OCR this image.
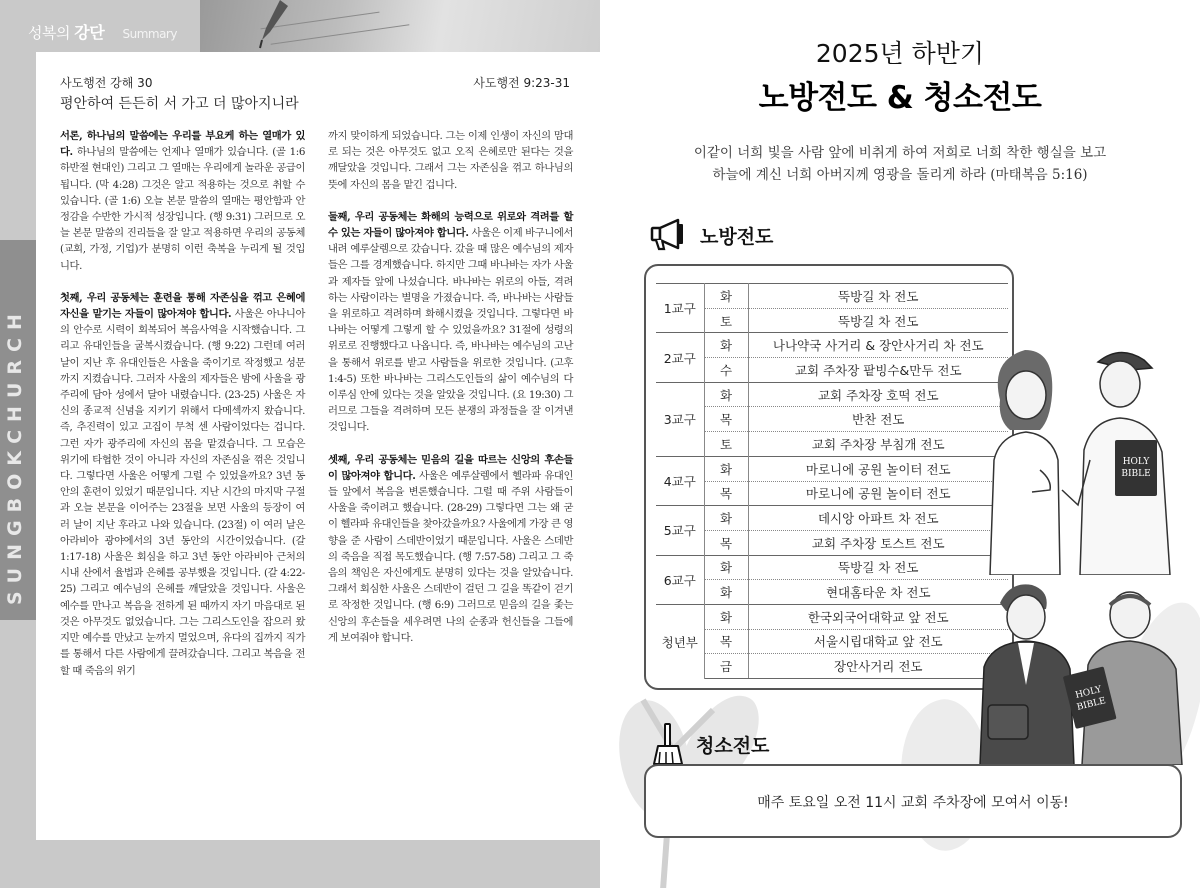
성복의 강단 Summary
SUNGBOKCHURCH
사도행전 강해 30
평안하여 든든히 서 가고 더 많아지니라
사도행전 9:23-31

서론, 하나님의 말씀에는 우리를 부요케 하는 열매가 있다. 하나님의 말씀에는 언제나 열매가 있습니다. (골 1:6 하반절 현대인) 그리고 그 열매는 우리에게 놀라운 공급이 됩니다. (막 4:28) 그것은 알고 적용하는 것으로 취할 수 있습니다. (골 1:6) 오늘 본문 말씀의 열매는 평안함과 안정감을 수반한 가시적 성장입니다. (행 9:31) 그러므로 오늘 본문 말씀의 진리들을 잘 알고 적용하면 우리의 공동체(교회, 가정, 기업)가 분명히 이런 축복을 누리게 될 것입니다.

첫째, 우리 공동체는 훈련을 통해 자존심을 꺾고 은혜에 자신을 맡기는 자들이 많아져야 합니다. 사울은 아나니아의 안수로 시력이 회복되어 복음사역을 시작했습니다. 그리고 유대인들을 굴복시켰습니다. (행 9:22) 그런데 여러 날이 지난 후 유대인들은 사울을 죽이기로 작정했고 성문까지 지켰습니다. 그러자 사울의 제자들은 밤에 사울을 광주리에 담아 성에서 달아 내렸습니다. (23-25) 사울은 자신의 종교적 신념을 지키기 위해서 다메섹까지 왔습니다. 즉, 추진력이 있고 고집이 무척 센 사람이었다는 겁니다. 그런 자가 광주리에 자신의 몸을 맡겼습니다. 그 모습은 위기에 타협한 것이 아니라 자신의 자존심을 꺾은 것입니다. 그렇다면 사울은 어떻게 그럴 수 있었을까요? 3년 동안의 훈련이 있었기 때문입니다. 지난 시간의 마지막 구절과 오늘 본문을 이어주는 23절을 보면 사울의 등장이 여러 날이 지난 후라고 나와 있습니다. (23절) 이 여러 날은 아라비아 광야에서의 3년 동안의 시간이었습니다. (갈 1:17-18) 사울은 회심을 하고 3년 동안 아라비아 근처의 시내 산에서 율법과 은혜를 공부했을 것입니다. (갈 4:22-25) 그리고 예수님의 은혜를 깨달았을 것입니다. 사울은 예수를 만나고 복음을 전하게 된 때까지 자기 마음대로 된 것은 아무것도 없었습니다. 그는 그리스도인을 잡으러 왔지만 예수를 만났고 눈까지 멀었으며, 유다의 집까지 직가를 통해서 다른 사람에게 끌려갔습니다. 그리고 복음을 전할 때 죽음의 위기

까지 맞이하게 되었습니다. 그는 이제 인생이 자신의 맘대로 되는 것은 아무것도 없고 오직 은혜로만 된다는 것을 깨달았을 것입니다. 그래서 그는 자존심을 꺾고 하나님의 뜻에 자신의 몸을 맡긴 겁니다.

둘째, 우리 공동체는 화해의 능력으로 위로와 격려를 할 수 있는 자들이 많아져야 합니다. 사울은 이제 바구니에서 내려 예루살렘으로 갔습니다. 갔을 때 많은 예수님의 제자들은 그를 경계했습니다. 하지만 그때 바나바는 자가 사울과 제자들 앞에 나섰습니다. 바나바는 위로의 아들, 격려하는 사람이라는 별명을 가졌습니다. 즉, 바나바는 사람들을 위로하고 격려하며 화해시켰을 것입니다. 그렇다면 바나바는 어떻게 그렇게 할 수 있었을까요? 31절에 성령의 위로로 진행했다고 나옵니다. 즉, 바나바는 예수님의 고난을 통해서 위로를 받고 사람들을 위로한 것입니다. (고후 1:4-5) 또한 바나바는 그리스도인들의 삶이 예수님의 다 이루심 안에 있다는 것을 알았을 것입니다. (요 19:30) 그러므로 그들을 격려하며 모든 분쟁의 과정들을 잘 이겨낸 것입니다.

셋째, 우리 공동체는 믿음의 길을 따르는 신앙의 후손들이 많아져야 합니다. 사울은 예루살렘에서 헬라파 유대인들 앞에서 복음을 변론했습니다. 그럴 때 주위 사람들이 사울을 죽이려고 했습니다. (28-29) 그렇다면 그는 왜 굳이 헬라파 유대인들을 찾아갔을까요? 사울에게 가장 큰 영향을 준 사람이 스데반이었기 때문입니다. 사울은 스데반의 죽음을 직접 목도했습니다. (행 7:57-58) 그리고 그 죽음의 책임은 자신에게도 분명히 있다는 것을 알았습니다. 그래서 회심한 사울은 스데반이 걸던 그 길을 똑같이 걷기로 작정한 것입니다. (행 6:9) 그러므로 믿음의 길을 좇는 신앙의 후손들을 세우려면 나의 순종과 헌신들을 그들에게 보여줘야 합니다.

2025년 하반기
노방전도 & 청소전도
이같이 너희 빛을 사람 앞에 비취게 하여 저희로 너희 착한 행실을 보고
하늘에 계신 너희 아버지께 영광을 돌리게 하라 (마태복음 5:16)
노방전도
1교구	화	뚝방길 차 전도
	토	뚝방길 차 전도
2교구	화	나나약국 사거리 & 장안사거리 차 전도
	수	교회 주차장 팥빙수&만두 전도
3교구	화	교회 주차장 호떡 전도
	목	반찬 전도
	토	교회 주차장 부침개 전도
4교구	화	마로니에 공원 놀이터 전도
	목	마로니에 공원 놀이터 전도
5교구	화	데시앙 아파트 차 전도
	목	교회 주차장 토스트 전도
6교구	화	뚝방길 차 전도
	화	현대홈타운 차 전도
청년부	화	한국외국어대학교 앞 전도
	목	서울시립대학교 앞 전도
	금	장안사거리 전도
HOLY
BIBLE
HOLY
BIBLE
청소전도
매주 토요일 오전 11시 교회 주차장에 모여서 이동!
